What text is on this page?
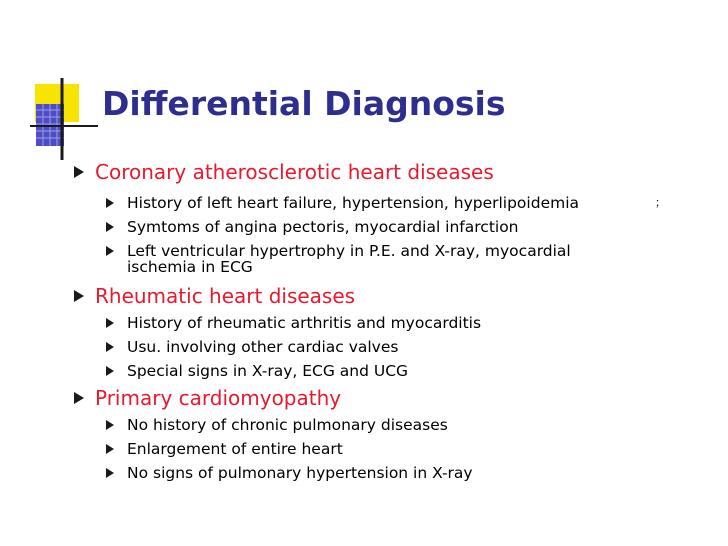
Differential Diagnosis
Coronary atherosclerotic heart diseases
History of left heart failure, hypertension, hyperlipoidemia	；
Symtoms of angina pectoris, myocardial infarction
Left ventricular hypertrophy in P.E. and X-ray, myocardial
ischemia in ECG
Rheumatic heart diseases
History of rheumatic arthritis and myocarditis
Usu. involving other cardiac valves
Special signs in X-ray, ECG and UCG
Primary cardiomyopathy
No history of chronic pulmonary diseases
Enlargement of entire heart
No signs of pulmonary hypertension in X-ray
